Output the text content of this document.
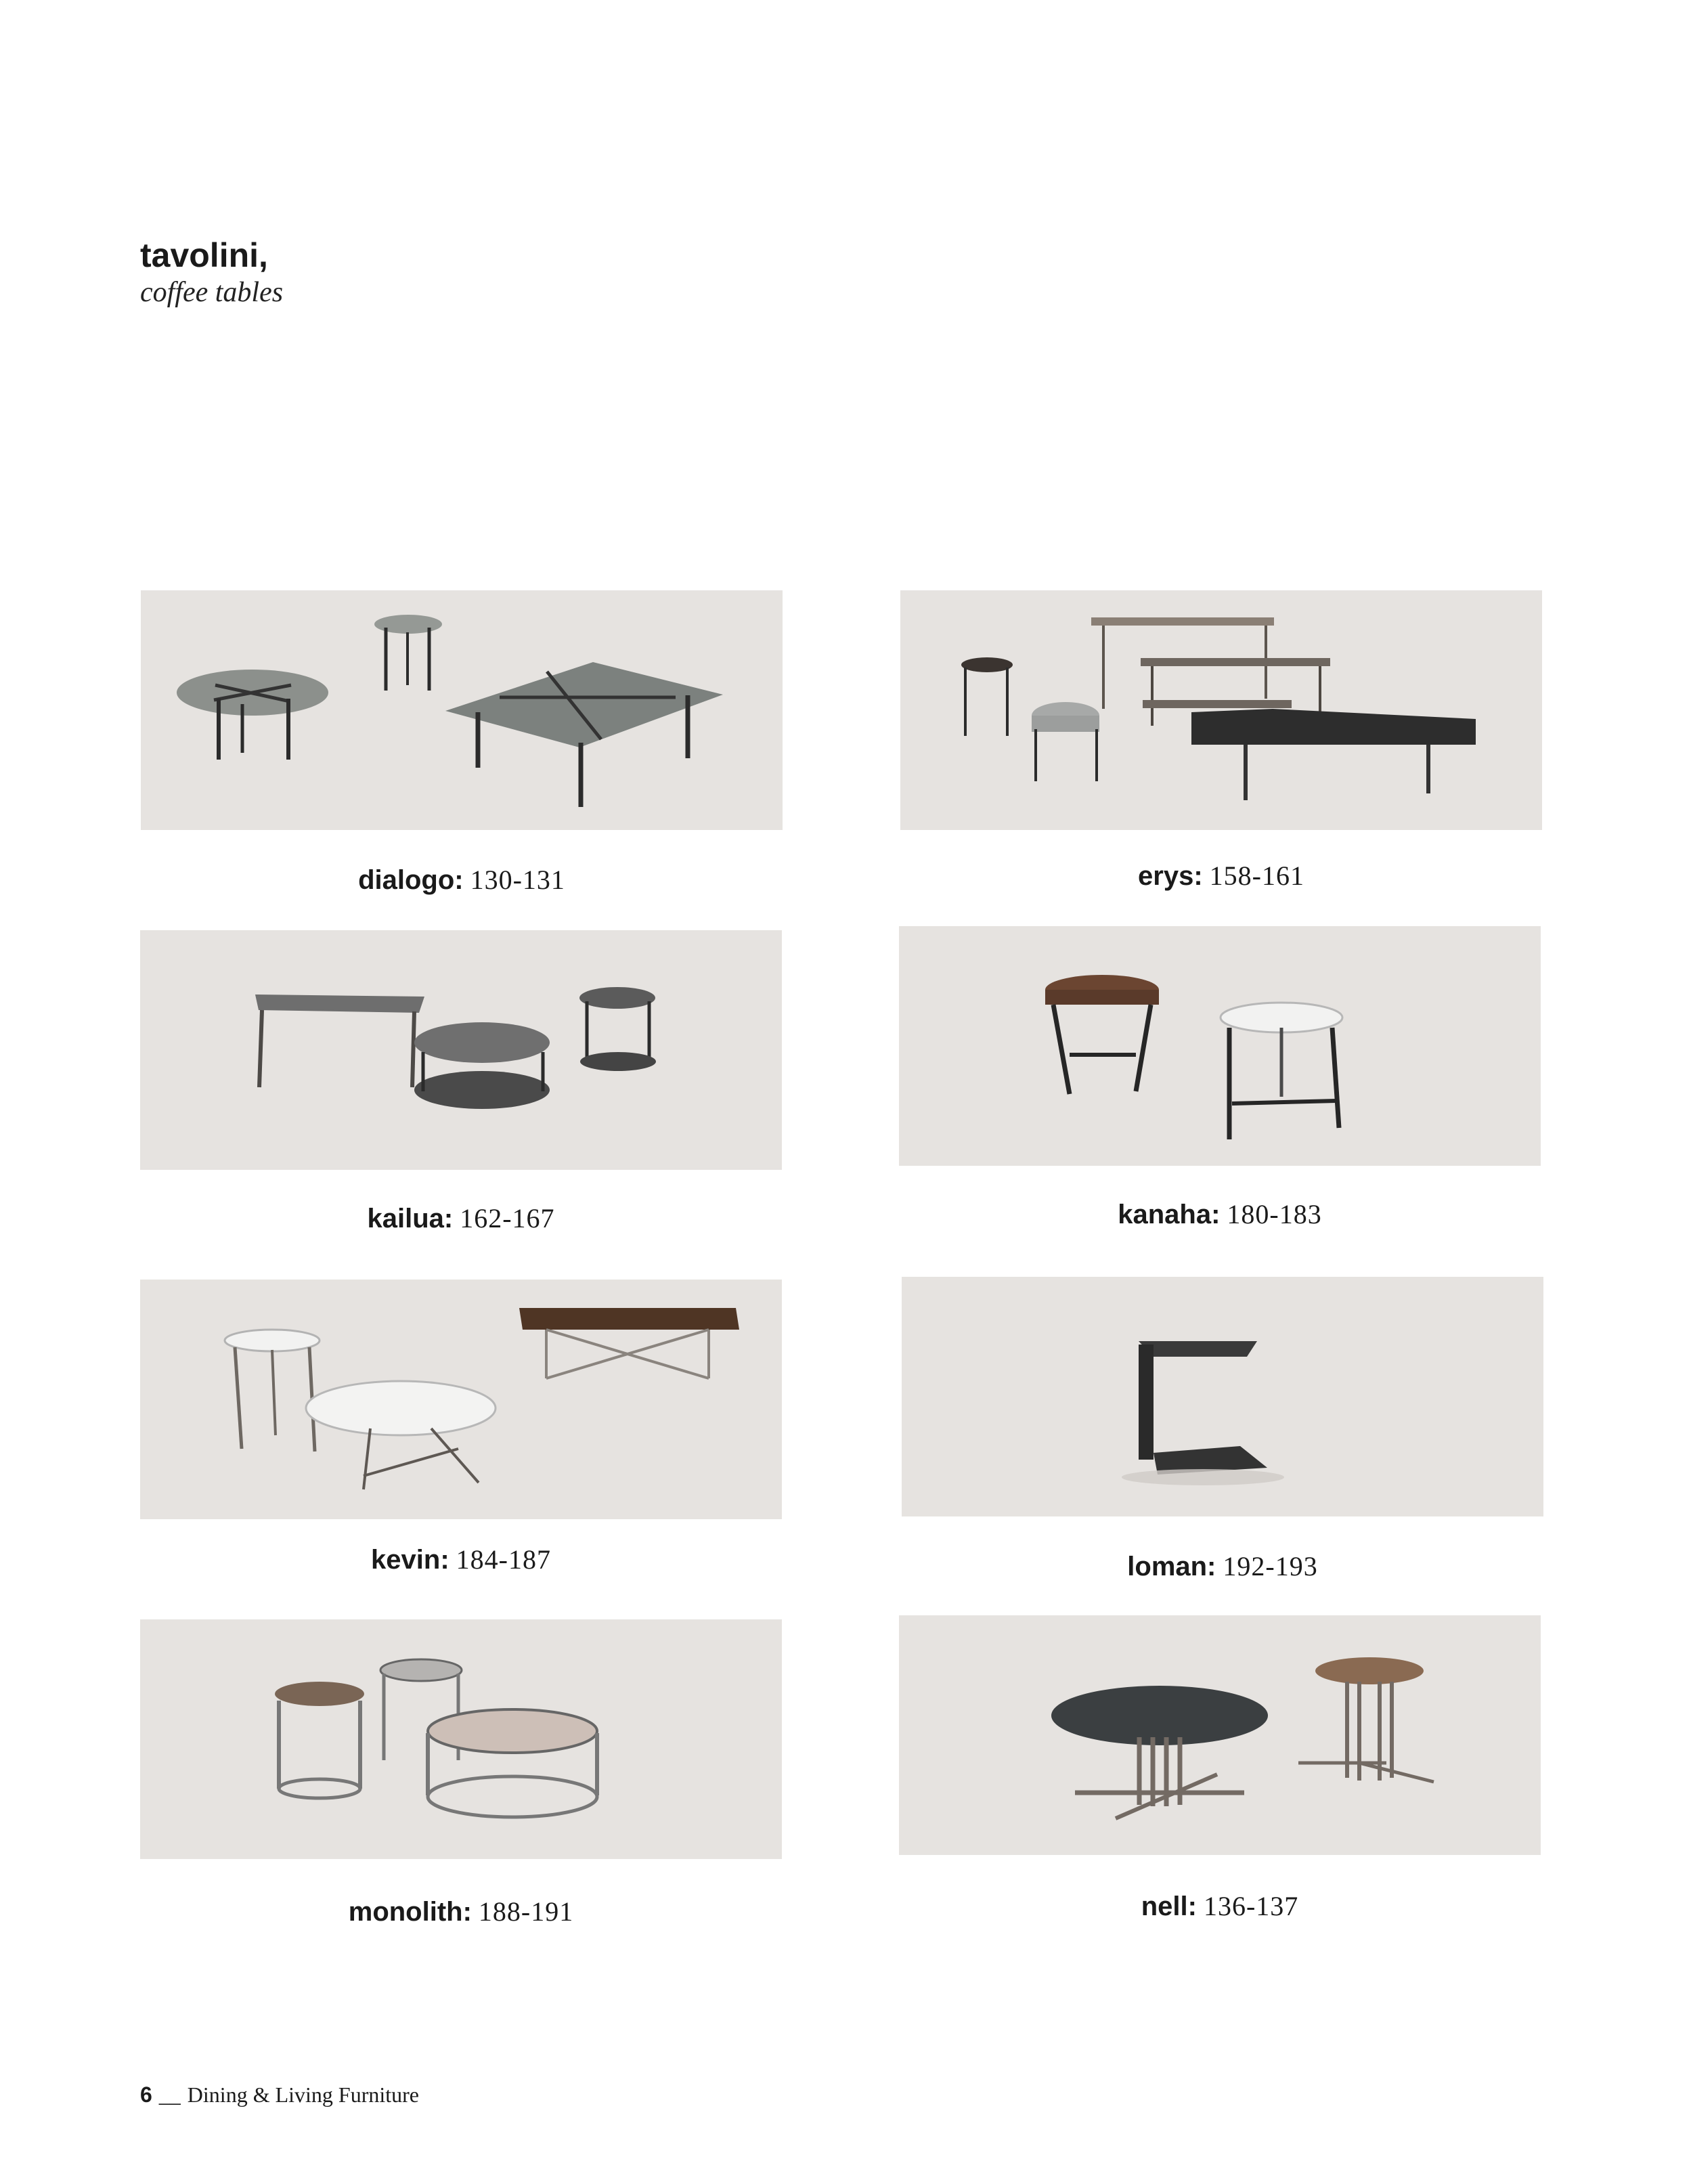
tavolini,
coffee tables
dialogo: 130-131	erys: 158-161
kailua: 162-167	kanaha: 180-183
kevin: 184-187	loman: 192-193
monolith: 188-191	nell: 136-137
6 __ Dining & Living Furniture
